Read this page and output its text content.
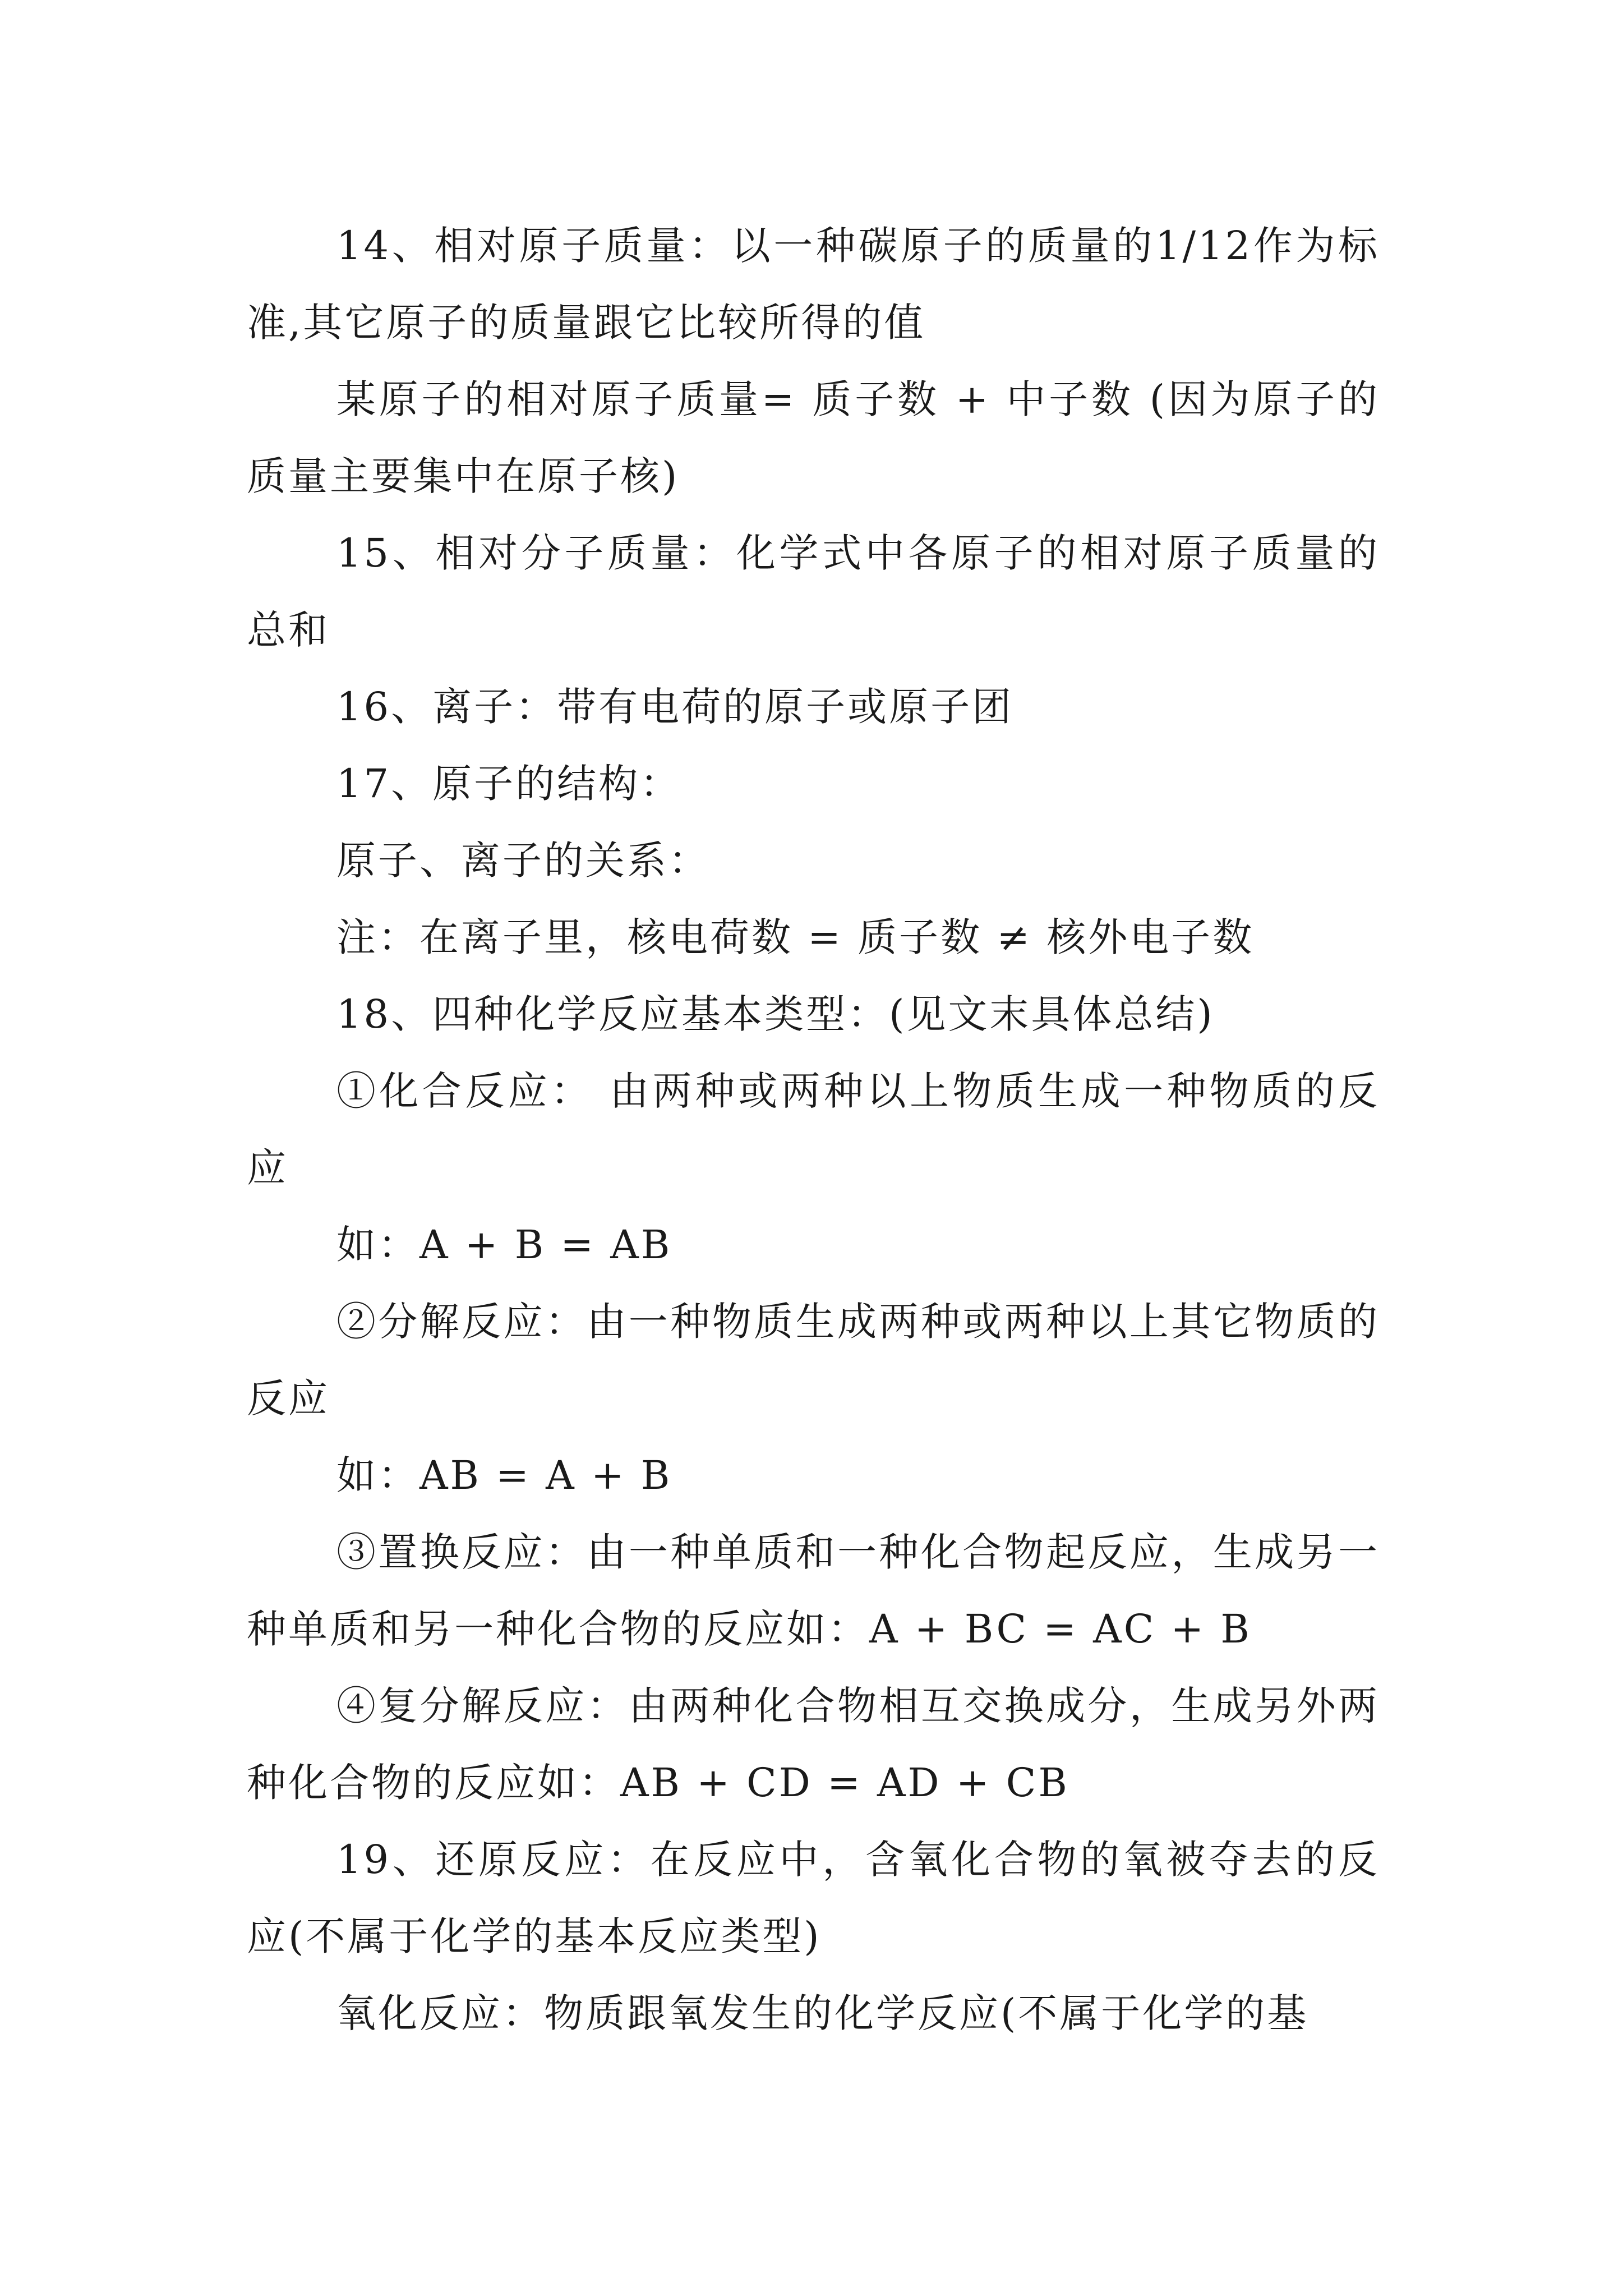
14、相对原子质量：以一种碳原子的质量的1/12作为标准,其它原子的质量跟它比较所得的值

某原子的相对原子质量= 质子数 + 中子数 (因为原子的质量主要集中在原子核)

15、相对分子质量：化学式中各原子的相对原子质量的总和

16、离子：带有电荷的原子或原子团

17、原子的结构：

原子、离子的关系：

注：在离子里，核电荷数 = 质子数 ≠ 核外电子数

18、四种化学反应基本类型：(见文末具体总结)

①化合反应： 由两种或两种以上物质生成一种物质的反应

如：A + B = AB

②分解反应：由一种物质生成两种或两种以上其它物质的反应

如：AB = A + B

③置换反应：由一种单质和一种化合物起反应，生成另一种单质和另一种化合物的反应如：A + BC = AC + B

④复分解反应：由两种化合物相互交换成分，生成另外两种化合物的反应如：AB + CD = AD + CB

19、还原反应：在反应中，含氧化合物的氧被夺去的反应(不属于化学的基本反应类型)

氧化反应：物质跟氧发生的化学反应(不属于化学的基
